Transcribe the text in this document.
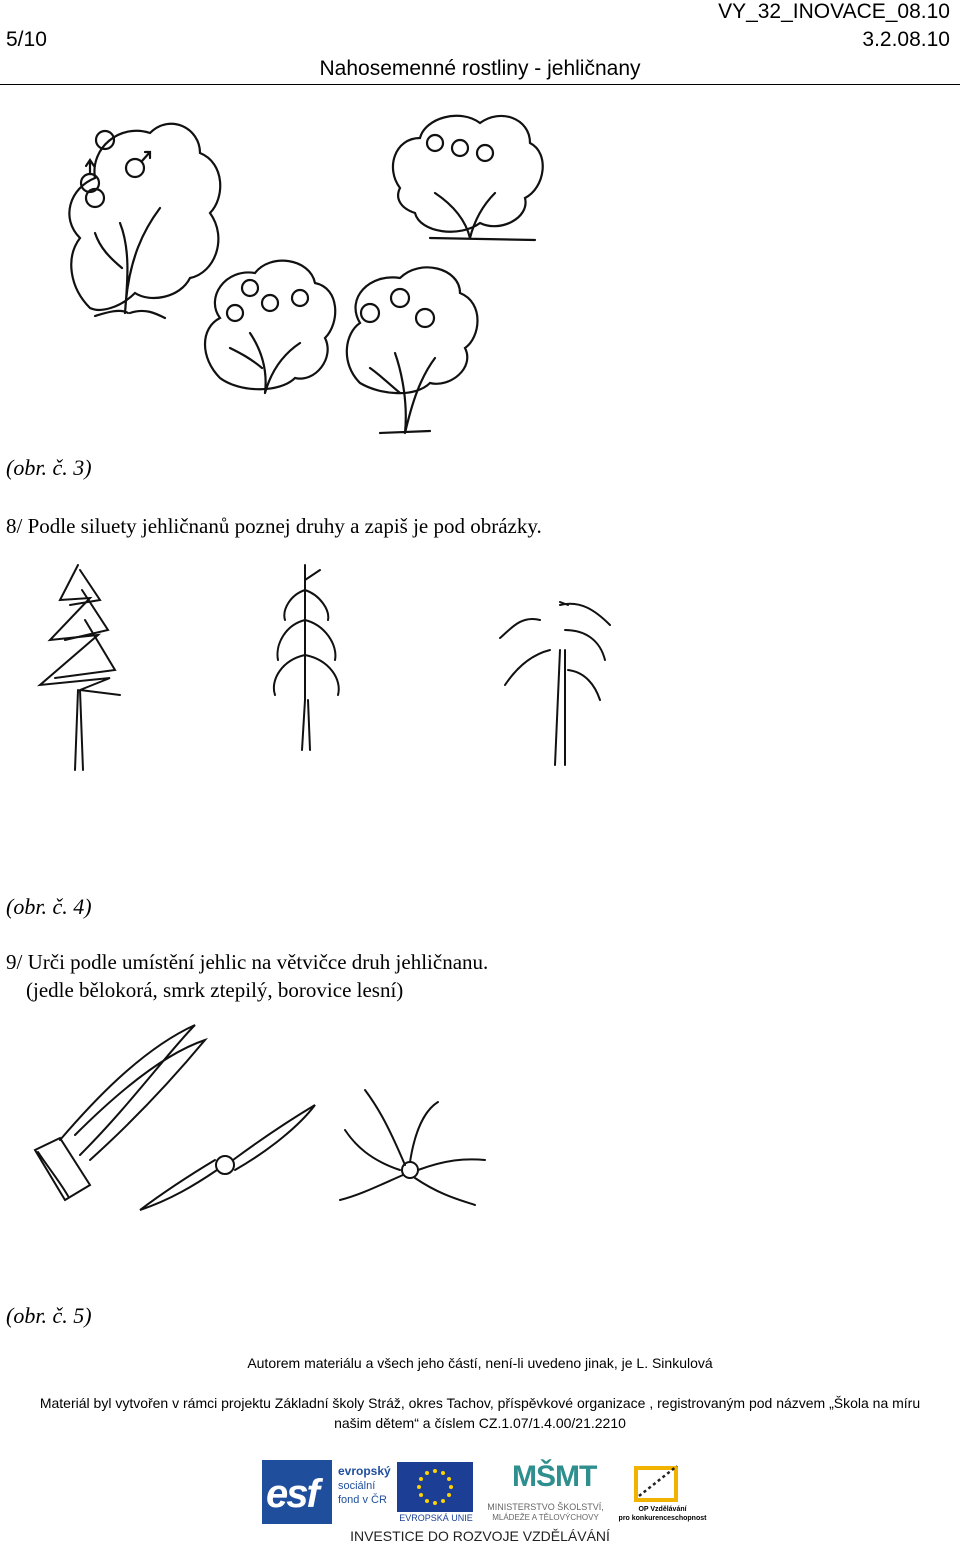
5/10
VY_32_INOVACE_08.10
3.2.08.10
Nahosemenné rostliny - jehličnany
(obr. č. 3)
8/ Podle siluety jehličnanů poznej druhy a zapiš je pod obrázky.
(obr. č. 4)
9/ Urči podle umístění jehlic na větvičce druh jehličnanu.
(jedle bělokorá, smrk ztepilý, borovice lesní)
(obr. č. 5)
Autorem materiálu a všech jeho částí, není-li uvedeno jinak, je L. Sinkulová
Materiál byl vytvořen v rámci projektu Základní školy Stráž, okres Tachov, příspěvkové organizace , registrovaným pod názvem „Škola na míru
našim dětem“ a číslem CZ.1.07/1.4.00/21.2210
esf
evropský
sociální
fond v ČR
EVROPSKÁ UNIE
MŠMT
MINISTERSTVO ŠKOLSTVÍ,
MLÁDEŽE A TĚLOVÝCHOVY
OP Vzdělávání
pro konkurenceschopnost
INVESTICE DO ROZVOJE VZDĚLÁVÁNÍ
